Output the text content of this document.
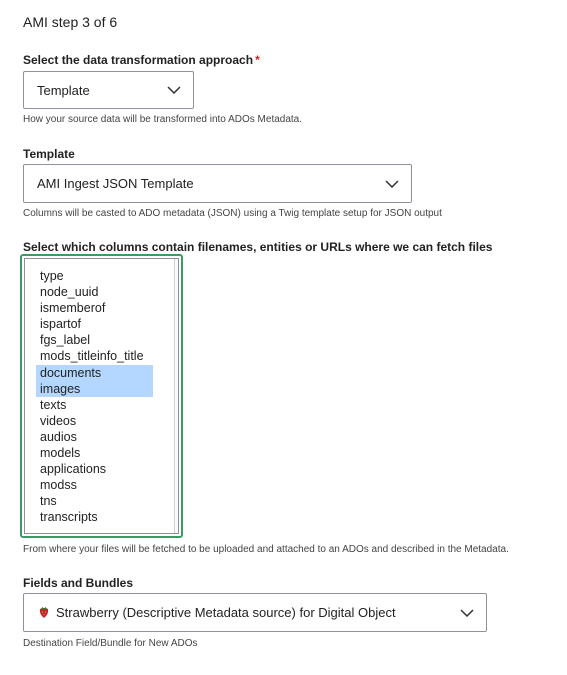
AMI step 3 of 6
Select the data transformation approach *
Template
How your source data will be transformed into ADOs Metadata.
Template
AMI Ingest JSON Template
Columns will be casted to ADO metadata (JSON) using a Twig template setup for JSON output
Select which columns contain filenames, entities or URLs where we can fetch files
type
node_uuid
ismemberof
ispartof
fgs_label
mods_titleinfo_title
documents
images
texts
videos
audios
models
applications
modss
tns
transcripts
From where your files will be fetched to be uploaded and attached to an ADOs and described in the Metadata.
Fields and Bundles
Strawberry (Descriptive Metadata source) for Digital Object
Destination Field/Bundle for New ADOs
